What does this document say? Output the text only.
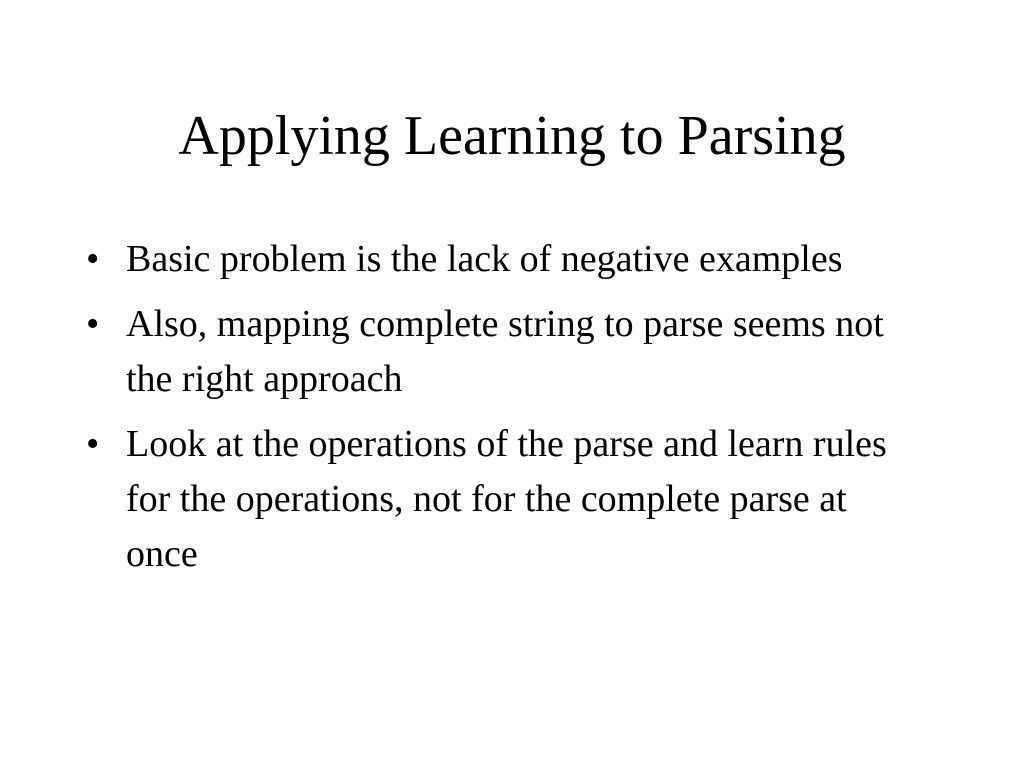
Applying Learning to Parsing
• Basic problem is the lack of negative examples
• Also, mapping complete string to parse seems not the right approach
• Look at the operations of the parse and learn rules for the operations, not for the complete parse at once
